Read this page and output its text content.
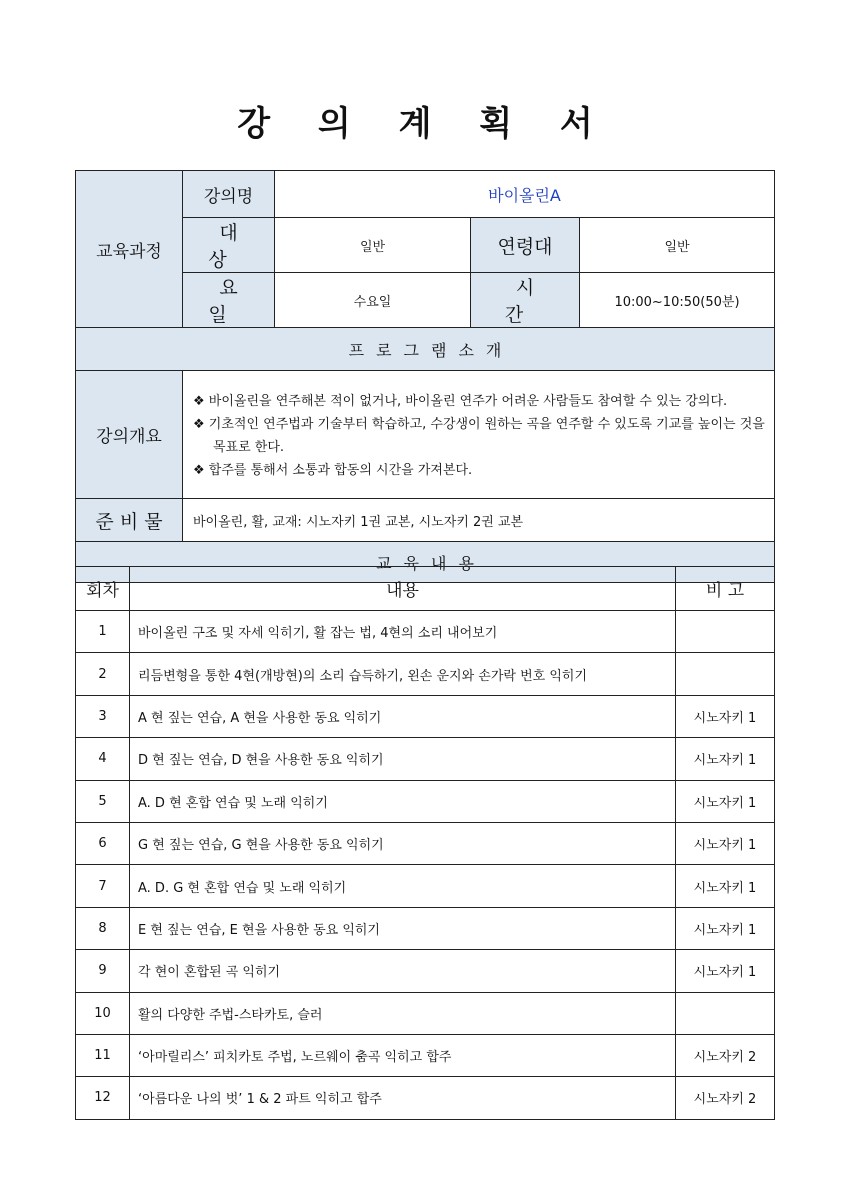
강 의 계 획 서
교육과정	강의명	바이올린A		
	대 상	일반	연령대	일반
	요 일	수요일	시 간	10:00~10:50(50분)
프로그램소개				
강의개요	❖ 바이올린을 연주해본 적이 없거나, 바이올린 연주가 어려운 사람들도 참여할 수 있는 강의다.
❖ 기초적인 연주법과 기술부터 학습하고, 수강생이 원하는 곡을 연주할 수 있도록 기교를 높이는 것을 목표로 한다.
❖ 합주를 통해서 소통과 합동의 시간을 가져본다.			

준 비 물	바이올린, 활, 교재: 시노자키 1권 교본, 시노자키 2권 교본			
교육내용				
회차	내용	비 고
1	바이올린 구조 및 자세 익히기, 활 잡는 법, 4현의 소리 내어보기	
2	리듬변형을 통한 4현(개방현)의 소리 습득하기, 왼손 운지와 손가락 번호 익히기	
3	A 현 짚는 연습, A 현을 사용한 동요 익히기	시노자키 1
4	D 현 짚는 연습, D 현을 사용한 동요 익히기	시노자키 1
5	A. D 현 혼합 연습 및 노래 익히기	시노자키 1
6	G 현 짚는 연습, G 현을 사용한 동요 익히기	시노자키 1
7	A. D. G 현 혼합 연습 및 노래 익히기	시노자키 1
8	E 현 짚는 연습, E 현을 사용한 동요 익히기	시노자키 1
9	각 현이 혼합된 곡 익히기	시노자키 1
10	활의 다양한 주법-스타카토, 슬러	
11	‘아마릴리스’ 피치카토 주법, 노르웨이 춤곡 익히고 합주	시노자키 2
12	‘아름다운 나의 벗’ 1 & 2 파트 익히고 합주	시노자키 2
